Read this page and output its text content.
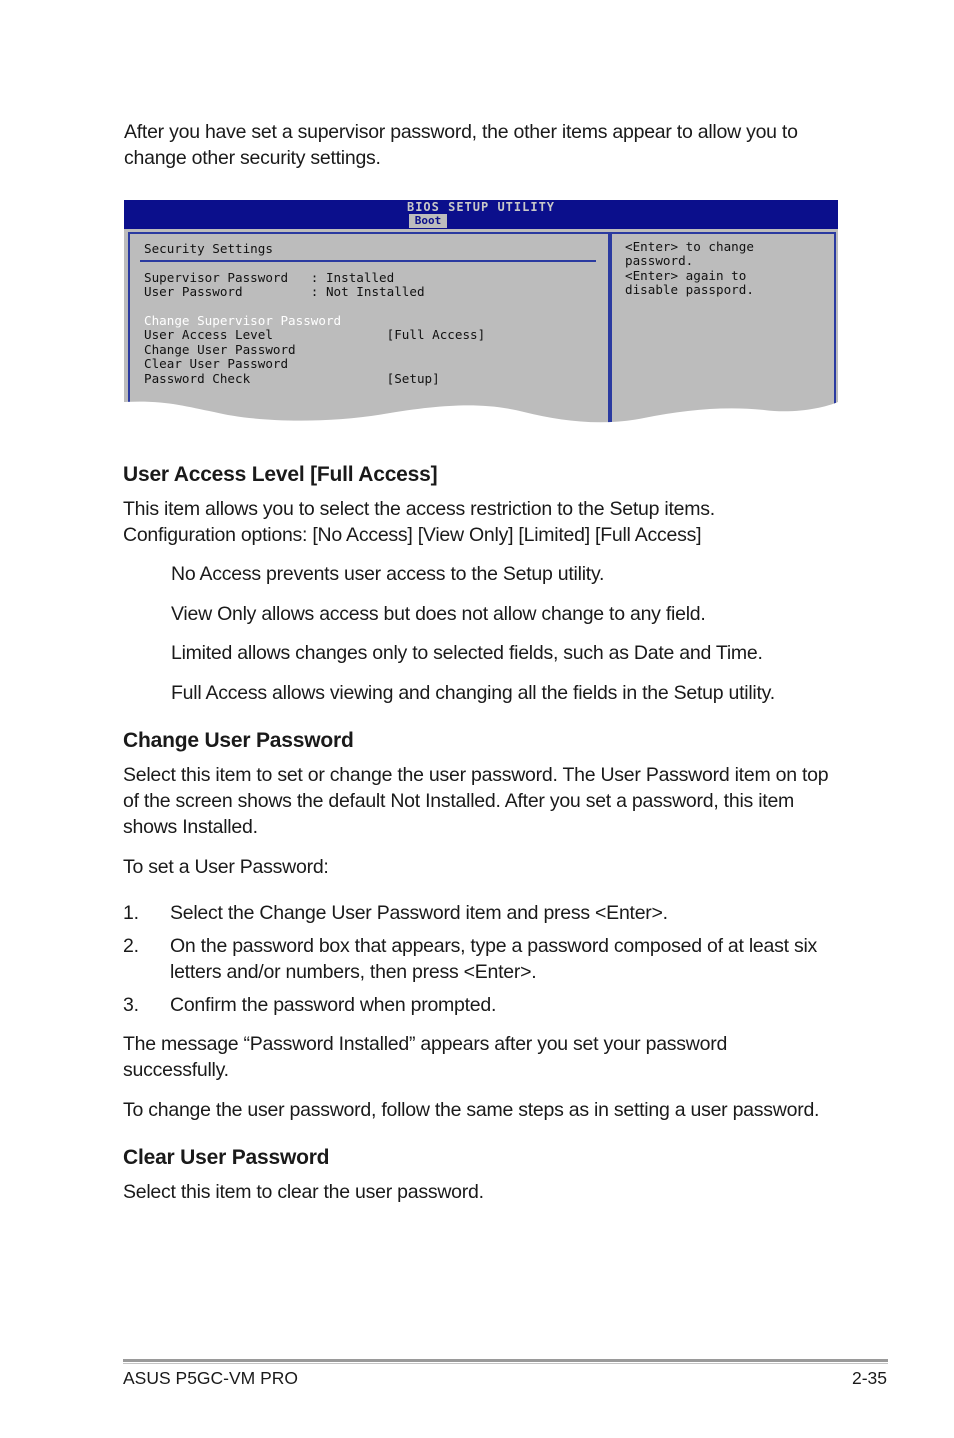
After you have set a supervisor password, the other items appear to allow you to change other security settings.
BIOS SETUP UTILITY
Boot
Security Settings
Supervisor Password   : Installed
User Password         : Not Installed
Change Supervisor Password
User Access Level               [Full Access]
Change User Password
Clear User Password
Password Check                  [Setup]
<Enter> to change
password.
<Enter> again to
disable passpord.
User Access Level [Full Access]
This item allows you to select the access restriction to the Setup items.
Configuration options: [No Access] [View Only] [Limited] [Full Access]
No Access prevents user access to the Setup utility.
View Only allows access but does not allow change to any field.
Limited allows changes only to selected fields, such as Date and Time.
Full Access allows viewing and changing all the fields in the Setup utility.
Change User Password
Select this item to set or change the user password. The User Password item on top of the screen shows the default Not Installed. After you set a password, this item shows Installed.
To set a User Password:
1. Select the Change User Password item and press <Enter>.
2. On the password box that appears, type a password composed of at least six letters and/or numbers, then press <Enter>.
3. Confirm the password when prompted.
The message “Password Installed” appears after you set your password successfully.
To change the user password, follow the same steps as in setting a user password.
Clear User Password
Select this item to clear the user password.
ASUS P5GC-VM PRO	2-35
